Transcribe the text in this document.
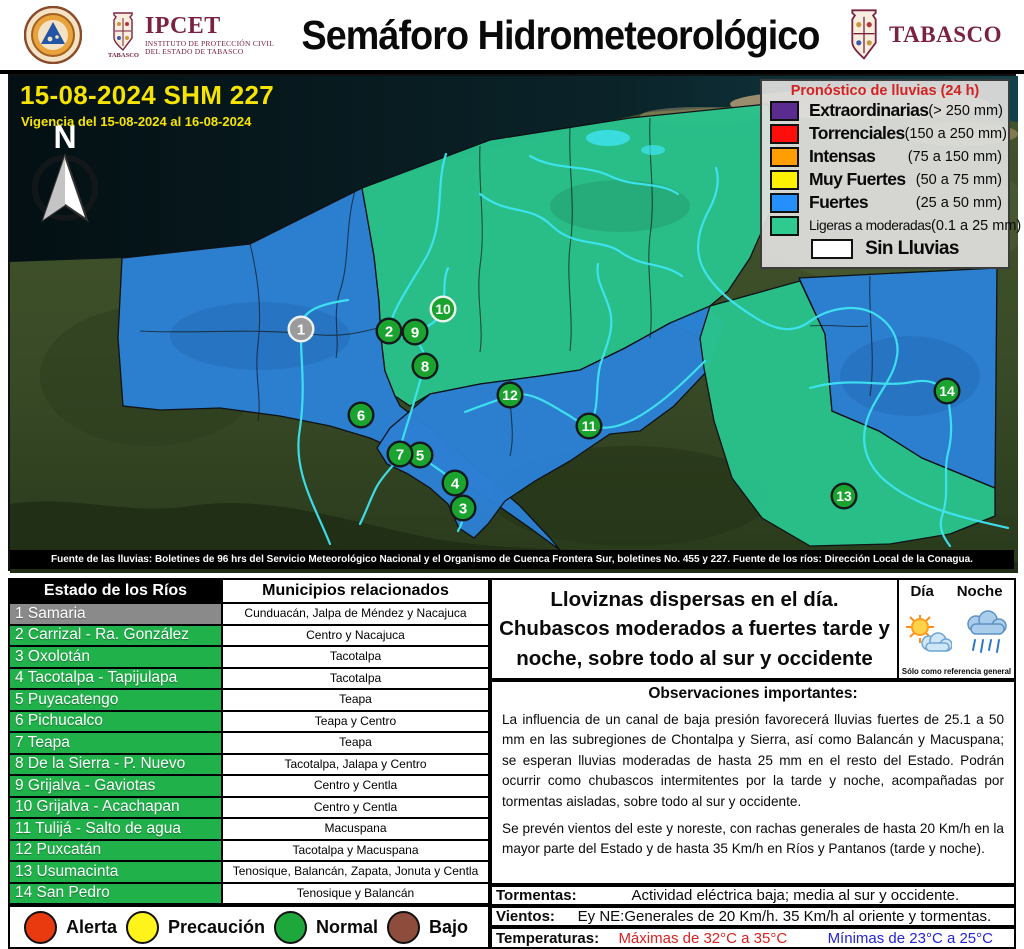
TABASCO
IPCET
INSTITUTO DE PROTECCIÓN CIVIL
DEL ESTADO DE TABASCO	Semáforo Hidrometeorológico	TABASCO
1	2
3
4
5
6
7
8
9
10
11
12
13
14
15-08-2024 SHM 227
Vigencia del 15-08-2024 al 16-08-2024
N
Pronóstico de lluvias (24 h)
Extraordinarias (> 250 mm)
Torrenciales (150 a 250 mm)
Intensas (75 a 150 mm)
Muy Fuertes (50 a 75 mm)
Fuertes	(25 a 50 mm)
Ligeras a moderadas (0.1 a 25 mm)
Sin Lluvias
Fuente de las lluvias: Boletines de 96 hrs del Servicio Meteorológico Nacional y el Organismo de Cuenca Frontera Sur, boletines No. 455 y 227. Fuente de los ríos: Dirección Local de la Conagua.
Estado de los Ríos	Municipios relacionados
1 Samaria	Cunduacán, Jalpa de Méndez y Nacajuca
2 Carrizal - Ra. González	Centro y Nacajuca
3 Oxolotán	Tacotalpa
4 Tacotalpa - Tapijulapa	Tacotalpa
5 Puyacatengo	Teapa
6 Pichucalco	Teapa y Centro
7 Teapa	Teapa
8 De la Sierra - P. Nuevo	Tacotalpa, Jalapa y Centro
9 Grijalva - Gaviotas	Centro y Centla
10 Grijalva - Acachapan	Centro y Centla
11 Tulijá - Salto de agua	Macuspana
12 Puxcatán	Tacotalpa y Macuspana
13 Usumacinta	Tenosique, Balancán, Zapata, Jonuta y Centla
14 San Pedro	Tenosique y Balancán
Alerta	Precaución	Normal	Bajo
Lloviznas dispersas en el día. Chubascos moderados a fuertes tarde y noche, sobre todo al sur y occidente
Día Noche
Sólo como referencia general
Observaciones importantes:

La influencia de un canal de baja presión favorecerá lluvias fuertes de 25.1 a 50 mm en las subregiones de Chontalpa y Sierra, así como Balancán y Macuspana; se esperan lluvias moderadas de hasta 25 mm en el resto del Estado. Podrán ocurrir como chubascos intermitentes por la tarde y noche, acompañadas por tormentas aisladas, sobre todo al sur y occidente.

Se prevén vientos del este y noreste, con rachas generales de hasta 20 Km/h en la mayor parte del Estado y de hasta 35 Km/h en Ríos y Pantanos (tarde y noche).

Tormentas:	Actividad eléctrica baja; media al sur y occidente.
Vientos:	Ey NE:Generales de 20 Km/h. 35 Km/h al oriente y tormentas.
Temperaturas:	Máximas de 32°C a 35°C	Mínimas de 23°C a 25°C
